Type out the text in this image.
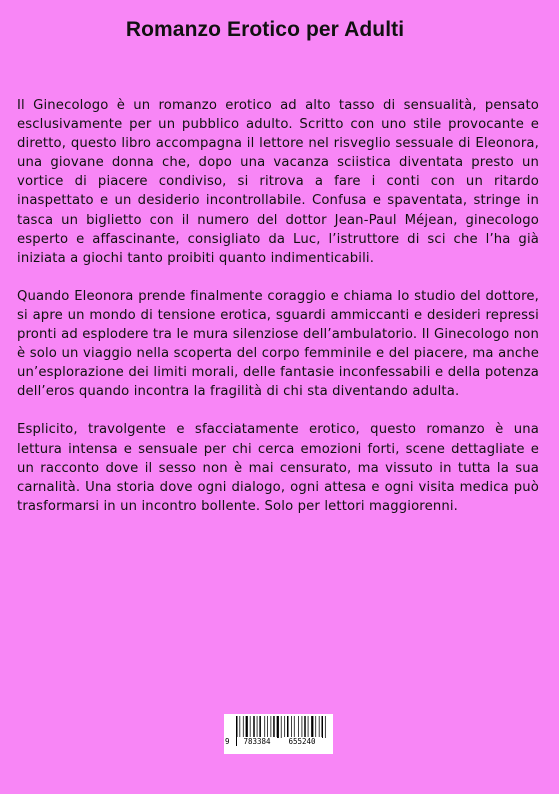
Romanzo Erotico per Adulti

Il Ginecologo è un romanzo erotico ad alto tasso di sensualità, pensato esclusivamente per un pubblico adulto. Scritto con uno stile provocante e diretto, questo libro accompagna il lettore nel risveglio sessuale di Eleonora, una giovane donna che, dopo una vacanza sciistica diventata presto un vortice di piacere condiviso, si ritrova a fare i conti con un ritardo inaspettato e un desiderio incontrollabile. Confusa e spaventata, stringe in tasca un biglietto con il numero del dottor Jean-Paul Méjean, ginecologo esperto e affascinante, consigliato da Luc, l’istruttore di sci che l’ha già iniziata a giochi tanto proibiti quanto indimenticabili.

Quando Eleonora prende finalmente coraggio e chiama lo studio del dottore, si apre un mondo di tensione erotica, sguardi ammiccanti e desideri repressi pronti ad esplodere tra le mura silenziose dell’ambulatorio. Il Ginecologo non è solo un viaggio nella scoperta del corpo femminile e del piacere, ma anche un’esplorazione dei limiti morali, delle fantasie inconfessabili e della potenza dell’eros quando incontra la fragilità di chi sta diventando adulta.

Esplicito, travolgente e sfacciatamente erotico, questo romanzo è una lettura intensa e sensuale per chi cerca emozioni forti, scene dettagliate e un racconto dove il sesso non è mai censurato, ma vissuto in tutta la sua carnalità. Una storia dove ogni dialogo, ogni attesa e ogni visita medica può trasformarsi in un incontro bollente. Solo per lettori maggiorenni.

9	783384	655240
